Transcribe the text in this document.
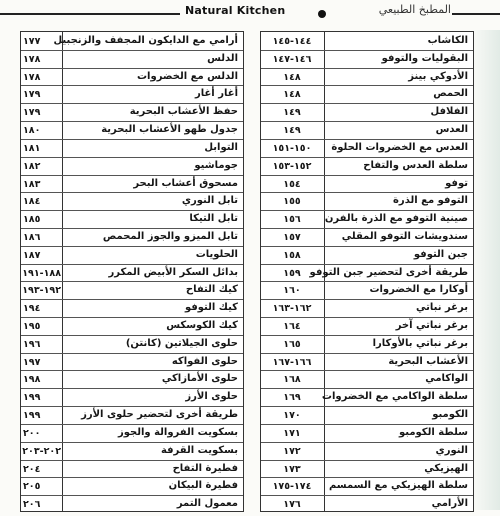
Natural Kitchen	المطبخ الطبيعي
١٤٤-١٤٥	الكاشاب
١٤٦-١٤٧	البقوليات والتوفو
١٤٨	الأدوكي بينز
١٤٨	الحمص
١٤٩	الفلافل
١٤٩	العدس
١٥٠-١٥١	العدس مع الخضروات الحلوة
١٥٢-١٥٣	سلطة العدس والتفاح
١٥٤	توفو
١٥٥	التوفو مع الذرة
١٥٦	صينية التوفو مع الذرة بالفرن
١٥٧	سندويشات التوفو المقلي
١٥٨	جبن التوفو
١٥٩ طريقة أخرى لتحضير جبن التوفو
١٦٠	أوكارا مع الخضروات
١٦٢-١٦٣	برغر نباتي
١٦٤	برغر نباتي آخر
١٦٥	برغر نباتي بالأوكارا
١٦٦-١٦٧	الأعشاب البحرية
١٦٨	الواكامي
١٦٩	سلطة الواكامي مع الخضروات
١٧٠	الكومبو
١٧١	سلطة الكومبو
١٧٢	النوري
١٧٣	الهيزيكي
١٧٤-١٧٥	سلطة الهيزيكي مع السمسم
١٧٦	الأرامي
١٧٧	أرامي مع الدايكون المجفف والزنجبيل
١٧٨	الدلس
١٧٨	الدلس مع الخضروات
١٧٩	أغار أغار
١٧٩	حفظ الأعشاب البحرية
١٨٠	جدول طهو الأعشاب البحرية
١٨١	التوابل
١٨٢	جوماشيو
١٨٣	مسحوق أعشاب البحر
١٨٤	تابل النوري
١٨٥	تابل التيكا
١٨٦	تابل الميزو والجوز المحمص
١٨٧	الحلويات
١٨٨-١٩١	بدائل السكر الأبيض المكرر
١٩٢-١٩٣	كيك التفاح
١٩٤	كيك التوفو
١٩٥	كيك الكوسكس
١٩٦	حلوى الجيلاتين (كانتن)
١٩٧	حلوى الفواكه
١٩٨	حلوى الأمازاكي
١٩٩	حلوى الأرز
١٩٩	طريقة أخرى لتحضير حلوى الأرز
٢٠٠	بسكويت الفروالة والجوز
٢٠٢-٢٠٣	بسكويت القرفة
٢٠٤	فطيرة التفاح
٢٠٥	فطيرة البيكان
٢٠٦	معمول التمر
